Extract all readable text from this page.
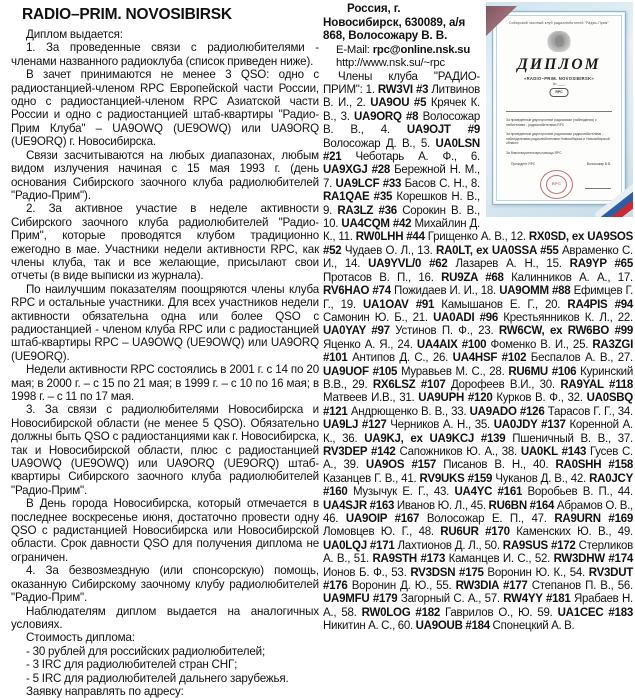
RADIO–PRIM. NOVOSIBIRSK

Диплом выдается:

1. За проведенные связи с радиолюбителями - членами названного радиоклуба (список приведен ниже).

В зачет принимаются не менее 3 QSO: одно с радиостанцией-членом RPC Европейской части России, одно с радиостанцией-членом RPC Азиатской части России и одно с радиостанцией штаб-квартиры "Радио-Прим Клуба" – UA9OWQ (UE9OWQ) или UA9ORQ (UE9ORQ) г. Новосибирска.

Связи засчитываются на любых диапазонах, любым видом излучения начиная с 15 мая 1993 г. (день основания Сибирского заочного клуба радиолюбителей "Радио-Прим").

2. За активное участие в неделе активности Сибирского заочного клуба радиолюбителей "Радио-Прим", которые проводятся клубом традиционно ежегодно в мае. Участники недели активности RPC, как члены клуба, так и все желающие, присылают свои отчеты (в виде выписки из журнала).

По наилучшим показателям поощряются члены клуба RPC и остальные участники. Для всех участников недели активности обязательна одна или более QSO с радиостанцией - членом клуба RPC или с радиостанцией штаб-квартиры RPC – UA9OWQ (UE9OWQ) или UA9ORQ (UE9ORQ).

Недели активности RPC состоялись в 2001 г. с 14 по 20 мая; в 2000 г. – с 15 по 21 мая; в 1999 г. – с 10 по 16 мая; в 1998 г. – с 11 по 17 мая.

3. За связи с радиолюбителями Новосибирска и Новосибирской области (не менее 5 QSO). Обязательно должны быть QSO с радиостанциями как г. Новосибирска, так и Новосибирской области, плюс с радиостанцией UA9OWQ (UE9OWQ) или UA9ORQ (UE9ORQ) штаб-квартиры Сибирского заочного клуба радиолюбителей "Радио-Прим".

В День города Новосибирска, который отмечается в последнее воскресенье июня, достаточно провести одну QSO с радистанцией Новосибирска или Новосибирской области. Срок давности QSO для получения диплома не ограничен.

4. За безвозмездную (или спонсорскую) помощь, оказанную Сибирскому заочному клубу радиолюбителей "Радио-Прим".

Наблюдателям диплом выдается на аналогичных условиях.

Стоимость диплома:

- 30 рублей для российских радиолюбителей;

- 3 IRC для радиолюбителей стран СНГ;

- 5 IRC для радиолюбителей дальнего зарубежья.

Заявку направлять по адресу:

Сибирский заочный клуб радиолюбителей "Радио-Прим"
ДИПЛОМ
«RADIO–PRIM. NOVOSIBIRSK»
№ ____
RPC
За проведенные двусторонние радиосвязи (наблюдения) с любителями - радиолюбителями RPC
За проведенные двусторонние радиосвязи радиолюбителями - наблюдателями радиолюбителями Новосибирска и Новосибирской области
За благотворительную помощь RPC
Президент RPC	Волосожар В.В.
RPC

Россия, г. Новосибирск, 630089, а/я 868, Волосожару В. В.

E-Mail: rpc@online.nsk.su
http://www.nsk.su/~rpc

Члены клуба "РАДИО-ПРИМ": 1. RW3VI #3 Литвинов В. И., 2. UA9OU #5 Крячек К. В., 3. UA9ORQ #8 Волосожар В. В., 4. UA9OJT #9 Волосожар Д. В., 5. UA0LSN #21 Чеботарь А. Ф., 6. UA9XGJ #28 Бережной Н. М., 7. UA9LCF #33 Басов С. Н., 8. RA1QAE #35 Корешков Н. В., 9. RA3LZ #36 Сорокин В. В., 10. UA4CQM #42 Михайлин Д. К., 11. RW0LHH #44 Грищенко А. В., 12. RX0SD, ex UA9SOS #52 Чудаев О. Л., 13. RA0LT, ex UA0SSA #55 Авраменко С. И., 14. UA9YVL/0 #62 Лазарев А. Н., 15. RA9YP #65 Протасов В. П., 16. RU9ZA #68 Калинников А. А., 17. RV6HAO #74 Пожидаев И. И., 18. UA9OMM #88 Ефимцев Г. Г., 19. UA1OAV #91 Камышанов Е. Г., 20. RA4PIS #94 Самонин Ю. Б., 21. UA0ADI #96 Крестьянников К. Л., 22. UA0YAY #97 Устинов П. Ф., 23. RW6CW, ex RW6BO #99 Яценко А. Я., 24. UA4AIX #100 Фоменко В. И., 25. RA3ZGI #101 Антипов Д. С., 26. UA4HSF #102 Беспалов А. В., 27. UA9UOF #105 Муравьев М. С., 28. RU6MU #106 Куринский В.В., 29. RX6LSZ #107 Дорофеев В.И., 30. RA9YAL #118 Матвеев И.В., 31. UA9UPH #120 Курков В. Ф., 32. UA0SBQ #121 Андрющенко В. В., 33. UA9ADO #126 Тарасов Г. Г., 34. UA9LJ #127 Черников А. Н., 35. UA0JDY #137 Коренной А. К., 36. UA9KJ, ex UA9KCJ #139 Пшеничный В. В., 37. RV3DEP #142 Сапожников Ю. А., 38. UA0KL #143 Гусев С. А., 39. UA9OS #157 Писанов В. Н., 40. RA0SHH #158 Казанцев Г. В., 41. RV9UKS #159 Чуканов Д. В., 42. RA0JCY #160 Музычук Е. Г., 43. UA4YC #161 Воробьев В. П., 44. UA4SJR #163 Иванов Ю. Л., 45. RU6BN #164 Абрамов О. В., 46. UA9OIP #167 Волосожар Е. П., 47. RA9URN #169 Ломовцев Ю. Г., 48. RU6UR #170 Каменских Ю. В., 49. UA0LQJ #171 Лахтионов Д. Л., 50. RA9SUS #172 Стерликов А. В., 51. RA9STH #173 Каманцев И. С., 52. RW3DHW #174 Ионов Б. Ф., 53. RV3DSN #175 Воронин Ю. К., 54. RV3DUT #176 Воронин Д. Ю., 55. RW3DIA #177 Степанов П. В., 56. UA9MFU #179 Загорный С. А., 57. RW4YY #181 Ярабаев Н. А., 58. RW0LOG #182 Гаврилов О., Ю. 59. UA1CEC #183 Никитин А. С., 60. UA9OUB #184 Спонецкий А. В.
